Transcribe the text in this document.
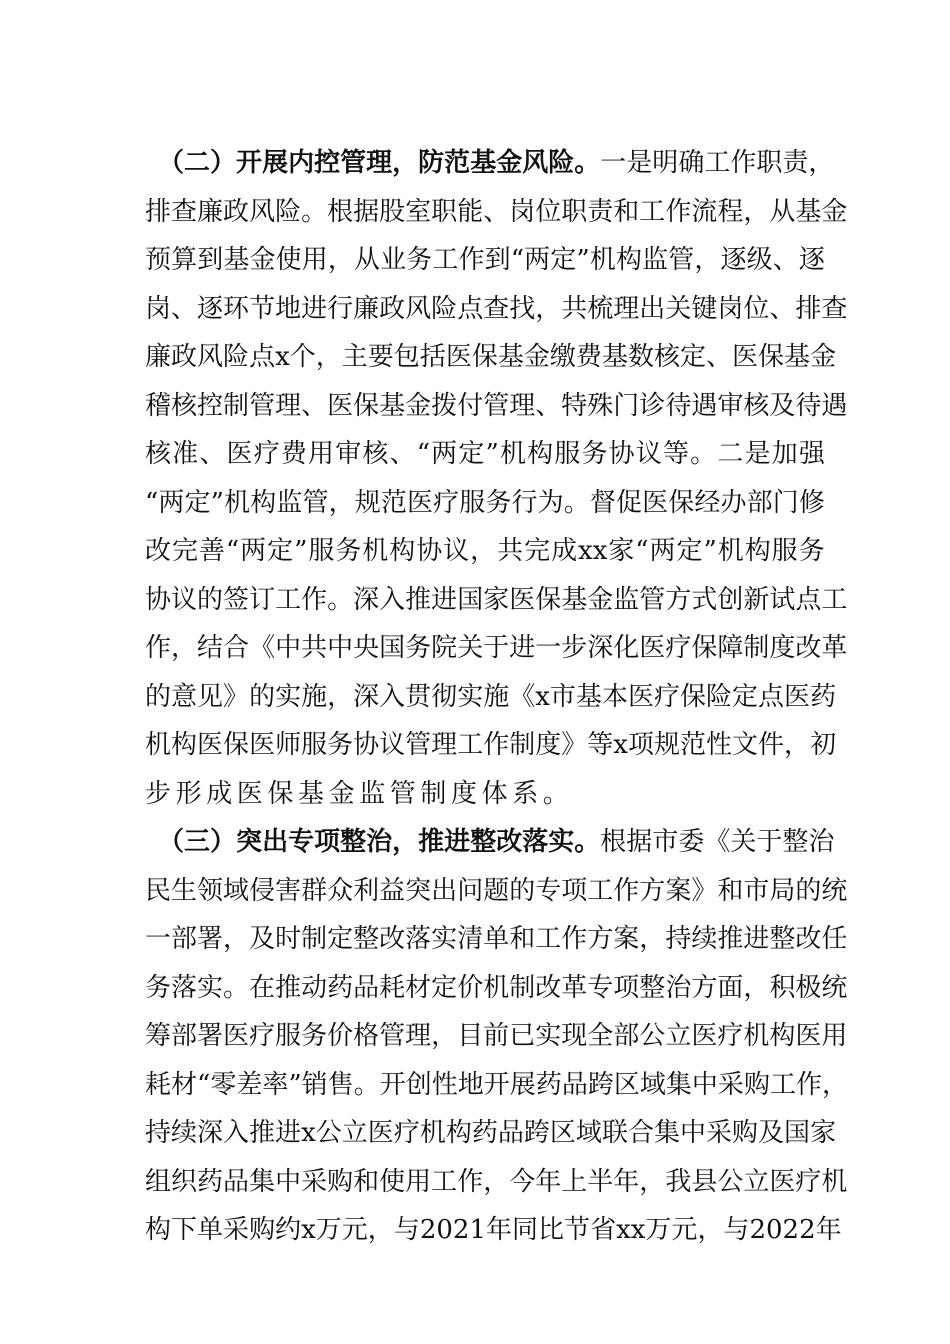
（ 二 ） 开 展 内 控 管 理 ， 防 范 基 金 风 险 。 一 是 明 确 工 作 职 责 ，
排 查 廉 政 风 险 。 根 据 股 室 职 能 、 岗 位 职 责 和 工 作 流 程 ， 从 基 金
预 算 到 基 金 使 用 ， 从 业 务 工 作 到 “ 两 定 ” 机 构 监 管 ， 逐 级 、 逐
岗 、 逐 环 节 地 进 行 廉 政 风 险 点 查 找 ， 共 梳 理 出 关 键 岗 位 、 排 查
廉 政 风 险 点 x 个 ， 主 要 包 括 医 保 基 金 缴 费 基 数 核 定 、 医 保 基 金
稽 核 控 制 管 理 、 医 保 基 金 拨 付 管 理 、 特 殊 门 诊 待 遇 审 核 及 待 遇
核 准 、 医 疗 费 用 审 核 、 “ 两 定 ” 机 构 服 务 协 议 等 。 二 是 加 强
“ 两 定 ” 机 构 监 管 ， 规 范 医 疗 服 务 行 为 。 督 促 医 保 经 办 部 门 修
改 完 善 “ 两 定 ” 服 务 机 构 协 议 ， 共 完 成 xx 家 “ 两 定 ” 机 构 服 务
协 议 的 签 订 工 作 。 深 入 推 进 国 家 医 保 基 金 监 管 方 式 创 新 试 点 工
作 ， 结 合 《 中 共 中 央 国 务 院 关 于 进 一 步 深 化 医 疗 保 障 制 度 改 革
的 意 见 》 的 实 施 ， 深 入 贯 彻 实 施 《 x 市 基 本 医 疗 保 险 定 点 医 药
机 构 医 保 医 师 服 务 协 议 管 理 工 作 制 度 》 等 x 项 规 范 性 文 件 ， 初
步形成医保基金监管制度体系。
（ 三 ） 突 出 专 项 整 治 ， 推 进 整 改 落 实 。 根 据 市 委 《 关 于 整 治
民 生 领 域 侵 害 群 众 利 益 突 出 问 题 的 专 项 工 作 方 案 》 和 市 局 的 统
一 部 署 ， 及 时 制 定 整 改 落 实 清 单 和 工 作 方 案 ， 持 续 推 进 整 改 任
务 落 实 。 在 推 动 药 品 耗 材 定 价 机 制 改 革 专 项 整 治 方 面 ， 积 极 统
筹 部 署 医 疗 服 务 价 格 管 理 ， 目 前 已 实 现 全 部 公 立 医 疗 机 构 医 用
耗 材 “ 零 差 率 ” 销 售 。 开 创 性 地 开 展 药 品 跨 区 域 集 中 采 购 工 作 ，
持 续 深 入 推 进 x 公 立 医 疗 机 构 药 品 跨 区 域 联 合 集 中 采 购 及 国 家
组 织 药 品 集 中 采 购 和 使 用 工 作 ， 今 年 上 半 年 ， 我 县 公 立 医 疗 机
构 下 单 采 购 约 x 万 元 ， 与 2021 年 同 比 节 省 xx 万 元 ， 与 2022 年
